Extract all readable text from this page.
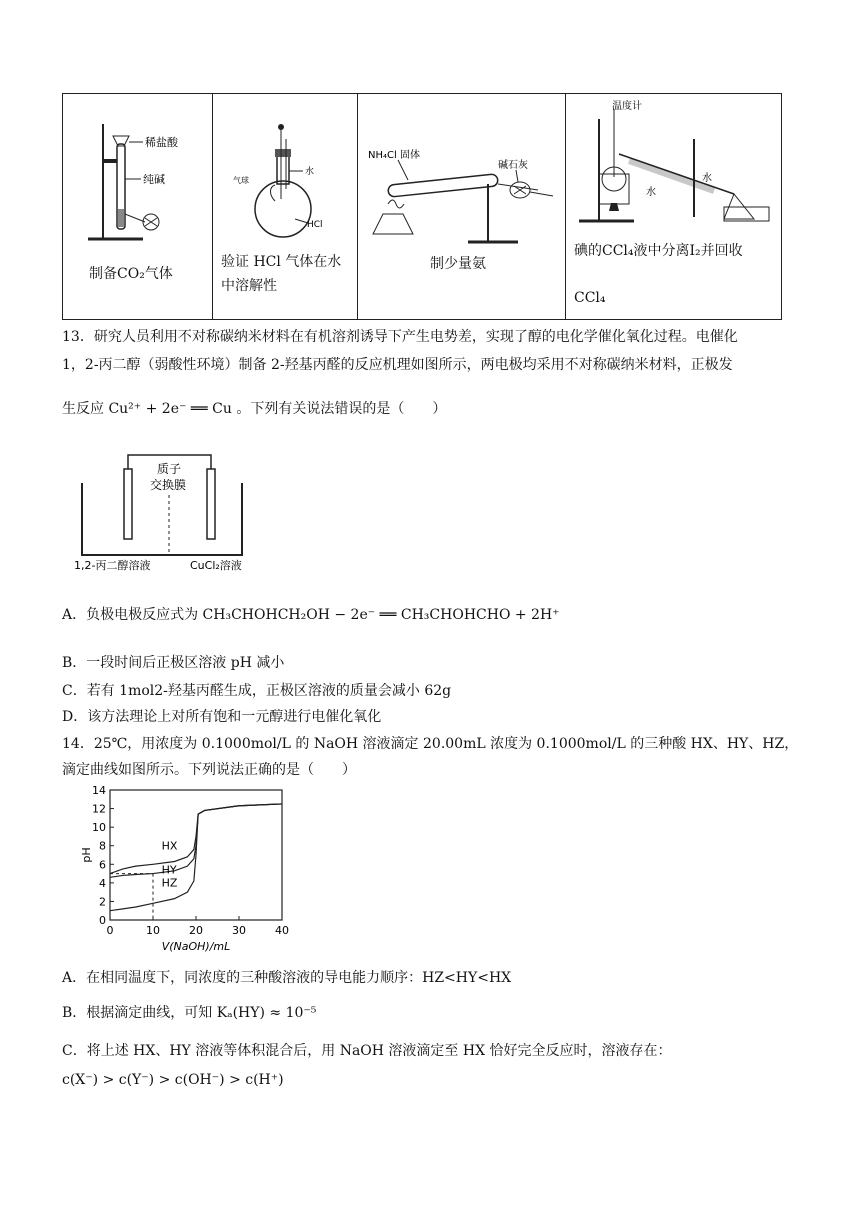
稀盐酸
纯碱
制备CO₂气体
气球
水
HCl
验证 HCl 气体在水中溶解性
NH₄Cl 固体
碱石灰
制少量氨
温度计
水
水
碘的CCl₄液中分离I₂并回收
CCl₄
13．研究人员利用不对称碳纳米材料在有机溶剂诱导下产生电势差，实现了醇的电化学催化氧化过程。电催化
1，2-丙二醇（弱酸性环境）制备 2-羟基丙醛的反应机理如图所示，两电极均采用不对称碳纳米材料，正极发
生反应 Cu²⁺ + 2e⁻ ══ Cu 。下列有关说法错误的是（　　）
质子
交换膜
1,2-丙二醇溶液	CuCl₂溶液
A．负极电极反应式为 CH₃CHOHCH₂OH − 2e⁻ ══ CH₃CHOHCHO + 2H⁺
B．一段时间后正极区溶液 pH 减小
C．若有 1mol2-羟基丙醛生成，正极区溶液的质量会减小 62g
D．该方法理论上对所有饱和一元醇进行电催化氧化
14．25℃，用浓度为 0.1000mol/L 的 NaOH 溶液滴定 20.00mL 浓度为 0.1000mol/L 的三种酸 HX、HY、HZ，
滴定曲线如图所示。下列说法正确的是（　　）
0
2
4
6
8
10
12
14
0	10	20	30	40
pH
V(NaOH)/mL
HX
HY
HZ
A．在相同温度下，同浓度的三种酸溶液的导电能力顺序：HZ<HY<HX
B．根据滴定曲线，可知 Kₐ(HY) ≈ 10⁻⁵
C．将上述 HX、HY 溶液等体积混合后，用 NaOH 溶液滴定至 HX 恰好完全反应时，溶液存在：
c(X⁻) > c(Y⁻) > c(OH⁻) > c(H⁺)
